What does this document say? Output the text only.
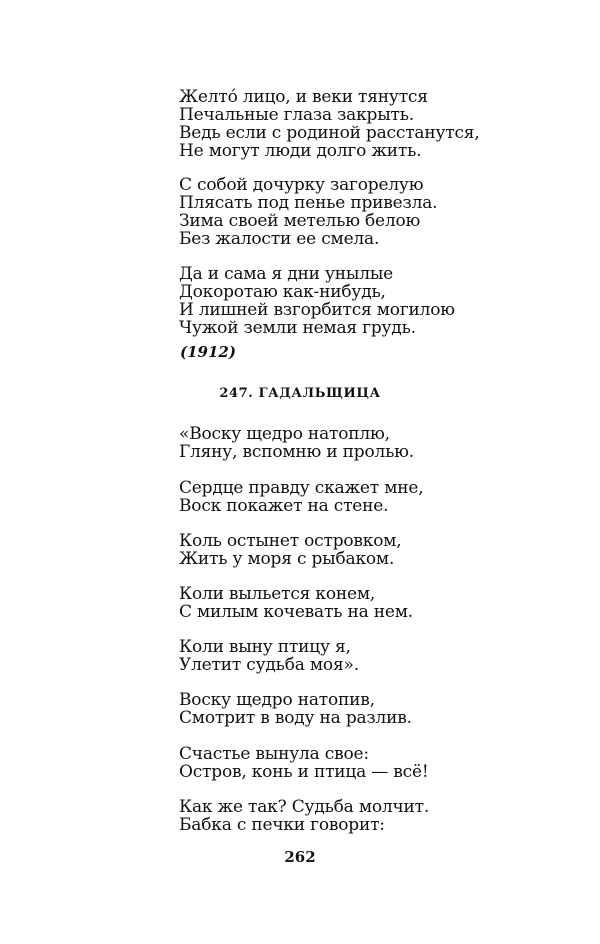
Желто́ лицо, и веки тянутся
Печальные глаза закрыть.
Ведь если с родиной расстанутся,
Не могут люди долго жить.
С собой дочурку загорелую
Плясать под пенье привезла.
Зима своей метелью белою
Без жалости ее смела.
Да и сама я дни унылые
Докоротаю как-нибудь,
И лишней взгорбится могилою
Чужой земли немая грудь.
(1912)
247. ГАДАЛЬЩИЦА
«Воску щедро натоплю,
Гляну, вспомню и пролью.
Сердце правду скажет мне,
Воск покажет на стене.
Коль остынет островком,
Жить у моря с рыбаком.
Коли выльется конем,
С милым кочевать на нем.
Коли выну птицу я,
Улетит судьба моя».
Воску щедро натопив,
Смотрит в воду на разлив.
Счастье вынула свое:
Остров, конь и птица — всё!
Как же так? Судьба молчит.
Бабка с печки говорит:
262
